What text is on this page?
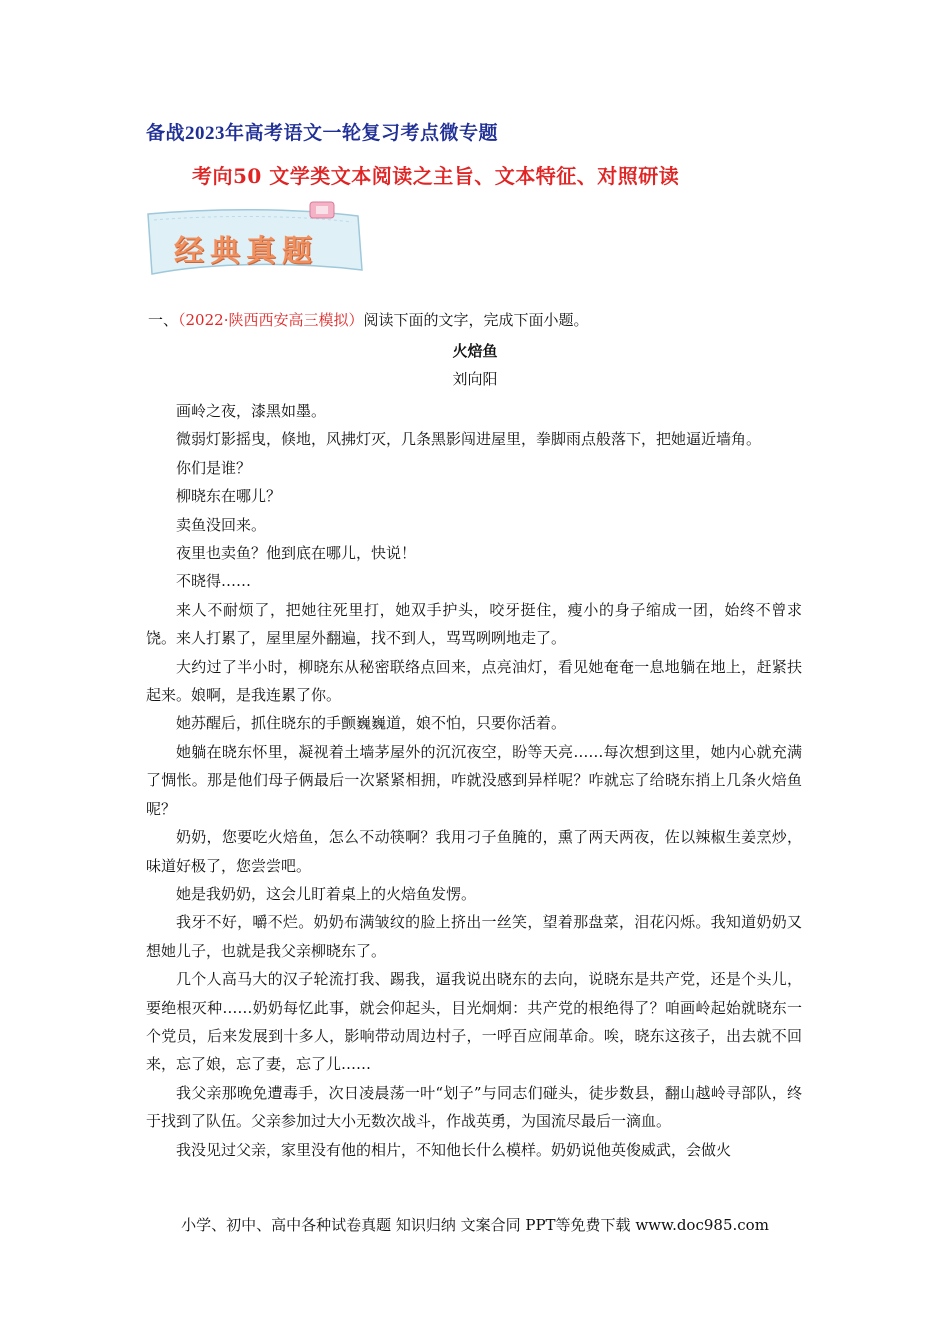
备战2023年高考语文一轮复习考点微专题
考向50 文学类文本阅读之主旨、文本特征、对照研读
经典真题
一、（2022·陕西西安高三模拟）阅读下面的文字，完成下面小题。
火焙鱼
刘向阳

画岭之夜，漆黑如墨。

微弱灯影摇曳，倏地，风拂灯灭，几条黑影闯进屋里，拳脚雨点般落下，把她逼近墙角。

你们是谁？

柳晓东在哪儿？

卖鱼没回来。

夜里也卖鱼？他到底在哪儿，快说！

不晓得……

来人不耐烦了，把她往死里打，她双手护头，咬牙挺住，瘦小的身子缩成一团，始终不曾求饶。来人打累了，屋里屋外翻遍，找不到人，骂骂咧咧地走了。

大约过了半小时，柳晓东从秘密联络点回来，点亮油灯，看见她奄奄一息地躺在地上，赶紧扶起来。娘啊，是我连累了你。

她苏醒后，抓住晓东的手颤巍巍道，娘不怕，只要你活着。

她躺在晓东怀里，凝视着土墙茅屋外的沉沉夜空，盼等天亮……每次想到这里，她内心就充满了惆怅。那是他们母子俩最后一次紧紧相拥，咋就没感到异样呢？咋就忘了给晓东捎上几条火焙鱼呢？

奶奶，您要吃火焙鱼，怎么不动筷啊？我用刁子鱼腌的，熏了两天两夜，佐以辣椒生姜烹炒，味道好极了，您尝尝吧。

她是我奶奶，这会儿盯着桌上的火焙鱼发愣。

我牙不好，嚼不烂。奶奶布满皱纹的脸上挤出一丝笑，望着那盘菜，泪花闪烁。我知道奶奶又想她儿子，也就是我父亲柳晓东了。

几个人高马大的汉子轮流打我、踢我，逼我说出晓东的去向，说晓东是共产党，还是个头儿，要绝根灭种……奶奶每忆此事，就会仰起头，目光炯炯：共产党的根绝得了？咱画岭起始就晓东一个党员，后来发展到十多人，影响带动周边村子，一呼百应闹革命。唉，晓东这孩子，出去就不回来，忘了娘，忘了妻，忘了儿……

我父亲那晚免遭毒手，次日凌晨荡一叶“划子”与同志们碰头，徒步数县，翻山越岭寻部队，终于找到了队伍。父亲参加过大小无数次战斗，作战英勇，为国流尽最后一滴血。

我没见过父亲，家里没有他的相片，不知他长什么模样。奶奶说他英俊威武，会做火

小学、初中、高中各种试卷真题 知识归纳 文案合同 PPT等免费下载 www.doc985.com
